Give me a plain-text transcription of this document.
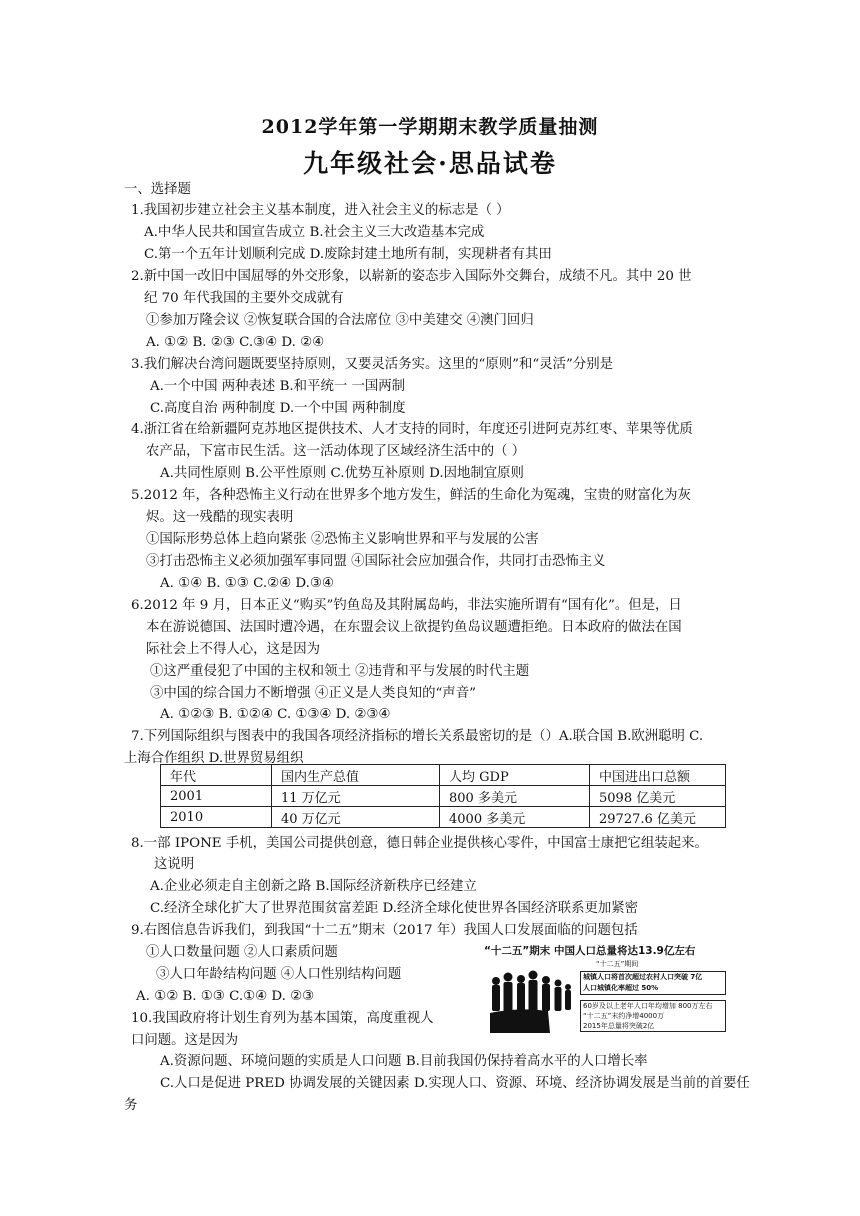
2012学年第一学期期末教学质量抽测
九年级社会·思品试卷
一、选择题
1.我国初步建立社会主义基本制度，进入社会主义的标志是（ ）
A.中华人民共和国宣告成立 B.社会主义三大改造基本完成
C.第一个五年计划顺利完成 D.废除封建土地所有制，实现耕者有其田
2.新中国一改旧中国屈辱的外交形象，以崭新的姿态步入国际外交舞台，成绩不凡。其中 20 世
纪 70 年代我国的主要外交成就有
①参加万隆会议 ②恢复联合国的合法席位 ③中美建交 ④澳门回归
A. ①② B. ②③ C.③④ D. ②④
3.我们解决台湾问题既要坚持原则，又要灵活务实。这里的“原则”和“灵活”分别是
A.一个中国 两种表述 B.和平统一 一国两制
C.高度自治 两种制度 D.一个中国 两种制度
4.浙江省在给新疆阿克苏地区提供技术、人才支持的同时，年度还引进阿克苏红枣、苹果等优质
农产品，下富市民生活。这一活动体现了区域经济生活中的（ ）
A.共同性原则 B.公平性原则 C.优势互补原则 D.因地制宜原则
5.2012 年，各种恐怖主义行动在世界多个地方发生，鲜活的生命化为冤魂，宝贵的财富化为灰
烬。这一残酷的现实表明
①国际形势总体上趋向紧张 ②恐怖主义影响世界和平与发展的公害
③打击恐怖主义必须加强军事同盟 ④国际社会应加强合作，共同打击恐怖主义
A. ①④ B. ①③ C.②④ D.③④
6.2012 年 9 月，日本正义“购买”钓鱼岛及其附属岛屿，非法实施所谓有“国有化”。但是，日
本在游说德国、法国时遭冷遇，在东盟会议上欲提钓鱼岛议题遭拒绝。日本政府的做法在国
际社会上不得人心，这是因为
①这严重侵犯了中国的主权和领土 ②违背和平与发展的时代主题
③中国的综合国力不断增强 ④正义是人类良知的“声音”
A. ①②③ B. ①②④ C. ①③④ D. ②③④
7.下列国际组织与图表中的我国各项经济指标的增长关系最密切的是（）A.联合国 B.欧洲聪明 C.
上海合作组织 D.世界贸易组织
年代	国内生产总值	人均 GDP	中国进出口总额
2001	11 万亿元	800 多美元	5098 亿美元
2010	40 万亿元	4000 多美元	29727.6 亿美元
8.一部 IPONE 手机，美国公司提供创意，德日韩企业提供核心零件，中国富士康把它组装起来。
这说明
A.企业必须走自主创新之路 B.国际经济新秩序已经建立
C.经济全球化扩大了世界范围贫富差距 D.经济全球化使世界各国经济联系更加紧密
9.右图信息告诉我们，到我国“十二五”期末（2017 年）我国人口发展面临的问题包括
①人口数量问题 ②人口素质问题
③人口年龄结构问题 ④人口性别结构问题
A. ①② B. ①③ C.①④ D. ②③
10.我国政府将计划生育列为基本国策，高度重视人
口问题。这是因为
A.资源问题、环境问题的实质是人口问题 B.目前我国仍保持着高水平的人口增长率
C.人口是促进 PRED 协调发展的关键因素 D.实现人口、资源、环境、经济协调发展是当前的首要任
务
“十二五”期末 中国人口总量将达13.9亿左右
“十二五”期间
城镇人口将首次超过农村人口突破 7亿
人口城镇化率超过 50%
60岁及以上老年人口年均增加 800万左右
“十二五”末约净增4000万
2015年总量将突破2亿
